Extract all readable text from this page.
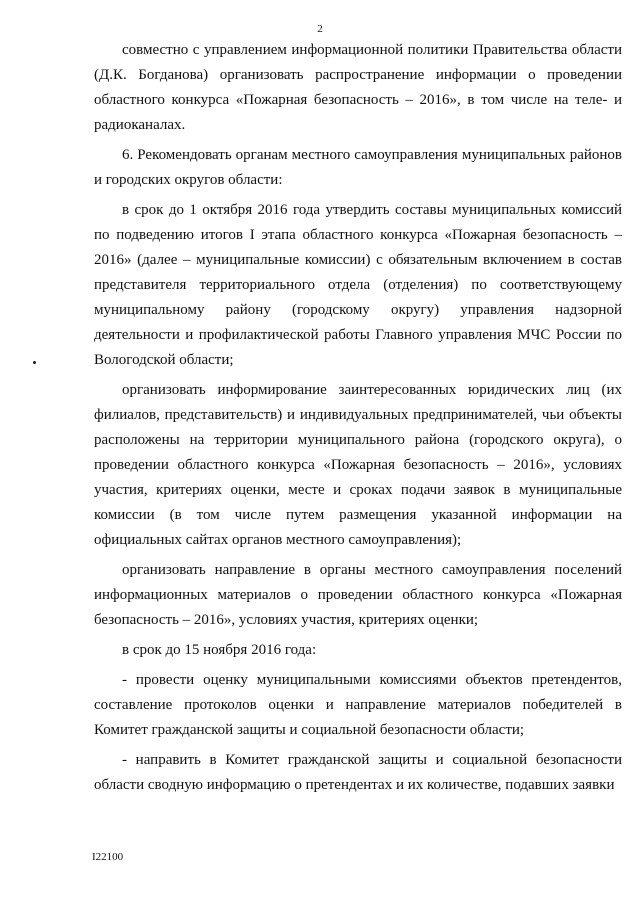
2

совместно с управлением информационной политики Правительства области (Д.К. Богданова) организовать распространение информации о проведении областного конкурса «Пожарная безопасность – 2016», в том числе на теле- и радиоканалах.

6. Рекомендовать органам местного самоуправления муниципальных районов и городских округов области:

в срок до 1 октября 2016 года утвердить составы муниципальных комиссий по подведению итогов I этапа областного конкурса «Пожарная безопасность – 2016» (далее – муниципальные комиссии) с обязательным включением в состав представителя территориального отдела (отделения) по соответствующему муниципальному району (городскому округу) управления надзорной деятельности и профилактической работы Главного управления МЧС России по Вологодской области;

организовать информирование заинтересованных юридических лиц (их филиалов, представительств) и индивидуальных предпринимателей, чьи объекты расположены на территории муниципального района (городского округа), о проведении областного конкурса «Пожарная безопасность – 2016», условиях участия, критериях оценки, месте и сроках подачи заявок в муниципальные комиссии (в том числе путем размещения указанной информации на официальных сайтах органов местного самоуправления);

организовать направление в органы местного самоуправления поселений информационных материалов о проведении областного конкурса «Пожарная безопасность – 2016», условиях участия, критериях оценки;

в срок до 15 ноября 2016 года:

- провести оценку муниципальными комиссиями объектов претендентов, составление протоколов оценки и направление материалов победителей в Комитет гражданской защиты и социальной безопасности области;

- направить в Комитет гражданской защиты и социальной безопасности области сводную информацию о претендентах и их количестве, подавших заявки

I22100
